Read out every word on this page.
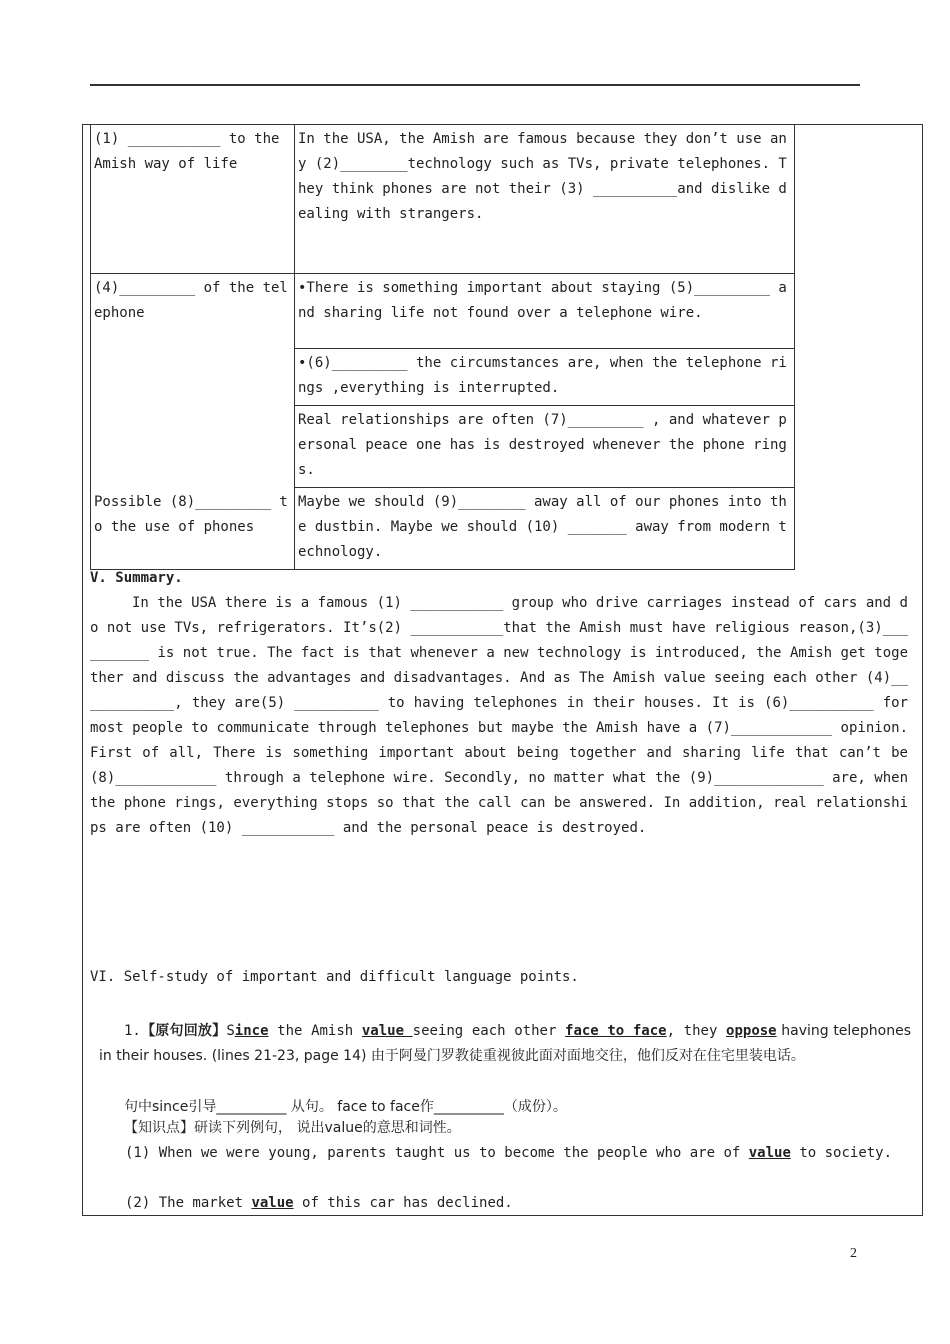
(1) ___________ to the Amish way of life	In the USA, the Amish are famous because they don’t use any (2)________technology such as TVs, private telephones. They think phones are not their (3) __________and dislike dealing with strangers.
(4)_________ of the telephone	•There is something important about staying (5)_________ and sharing life not found over a telephone wire.
	•(6)_________ the circumstances are, when the telephone rings ,everything is interrupted.
	Real relationships are often (7)_________ , and whatever personal peace one has is destroyed whenever the phone rings.
Possible (8)_________ to the use of phones	Maybe we should (9)________ away all of our phones into the dustbin. Maybe we should (10) _______ away from modern technology.

V. Summary.

In the USA there is a famous (1) ___________ group who drive carriages instead of cars and do not use TVs, refrigerators. It’s(2) ___________that the Amish must have religious reason,(3)__________ is not true. The fact is that whenever a new technology is introduced, the Amish get together and discuss the advantages and disadvantages. And as The Amish value seeing each other (4)____________, they are(5) __________ to having telephones in their houses. It is (6)__________ for most people to communicate through telephones but maybe the Amish have a (7)____________ opinion. First of all, There is something important about being together and sharing life that can’t be (8)____________ through a telephone wire. Secondly, no matter what the (9)_____________ are, when the phone rings, everything stops so that the call can be answered. In addition, real relationships are often (10) ___________ and the personal peace is destroyed.

VI. Self-study of important and difficult language points.

1.【原句回放】Since the Amish value seeing each other face to face, they oppose having telephones in their houses. (lines 21-23, page 14) 由于阿曼门罗教徒重视彼此面对面地交往，他们反对在住宅里装电话。

句中since引导__________ 从句。 face to face作__________（成份）。
【知识点】研读下列例句， 说出value的意思和词性。

(1) When we were young, parents taught us to become the people who are of value to society.

(2) The market value of this car has declined.

2
